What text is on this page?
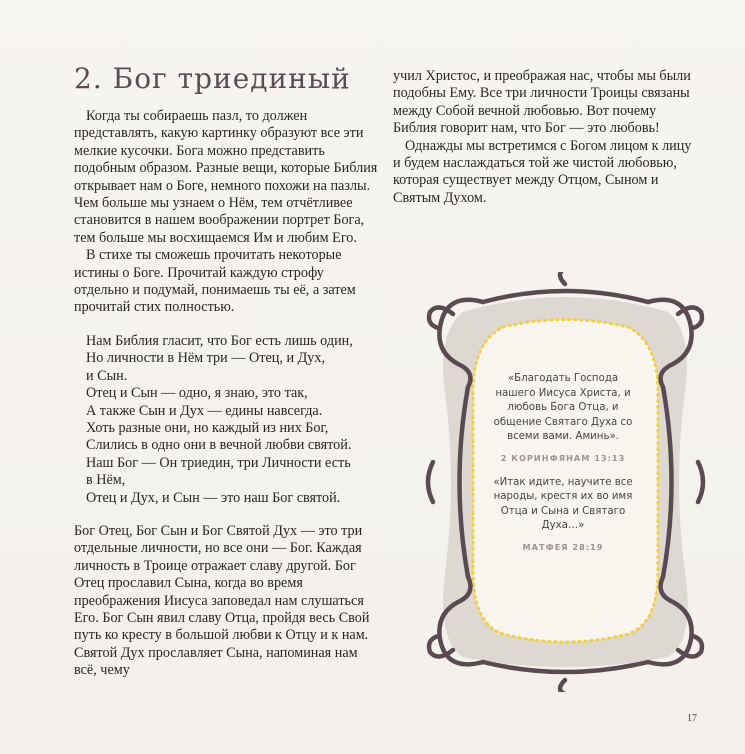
2. Бог триединый

Когда ты собираешь пазл, то должен представлять, какую картинку образуют все эти мелкие кусочки. Бога можно представить подобным образом. Разные вещи, которые Библия открывает нам о Боге, немного похожи на пазлы. Чем больше мы узнаем о Нём, тем отчётливее становится в нашем воображении портрет Бога, тем больше мы восхищаемся Им и любим Его.

В стихе ты сможешь прочитать некоторые истины о Боге. Прочитай каждую строфу отдельно и подумай, понимаешь ты её, а затем прочитай стих полностью.

Нам Библия гласит, что Бог есть лишь один,
Но личности в Нём три — Отец, и Дух,
и Сын.
Отец и Сын — одно, я знаю, это так,
А также Сын и Дух — едины навсегда.
Хоть разные они, но каждый из них Бог,
Слились в одно они в вечной любви святой.
Наш Бог — Он триедин, три Личности есть
в Нём,
Отец и Дух, и Сын — это наш Бог святой.

Бог Отец, Бог Сын и Бог Святой Дух — это три отдельные личности, но все они — Бог. Каждая личность в Троице отражает славу другой. Бог Отец прославил Сына, когда во время преображения Иисуса заповедал нам слушаться Его. Бог Сын явил славу Отца, пройдя весь Свой путь ко кресту в большой любви к Отцу и к нам. Святой Дух прославляет Сына, напоминая нам всё, чему

учил Христос, и преображая нас, чтобы мы были подобны Ему. Все три личности Троицы связаны между Собой вечной любовью. Вот почему Библия говорит нам, что Бог — это любовь!

Однажды мы встретимся с Богом лицом к лицу и будем наслаждаться той же чистой любовью, которая существует между Отцом, Сыном и Святым Духом.

«Благодать Господа нашего Иисуса Христа, и любовь Бога Отца, и общение Святаго Духа со всеми вами. Аминь».

2 КОРИНФЯНАМ 13:13

«Итак идите, научите все народы, крестя их во имя Отца и Сына и Святаго Духа…»

МАТФЕЯ 28:19

17
